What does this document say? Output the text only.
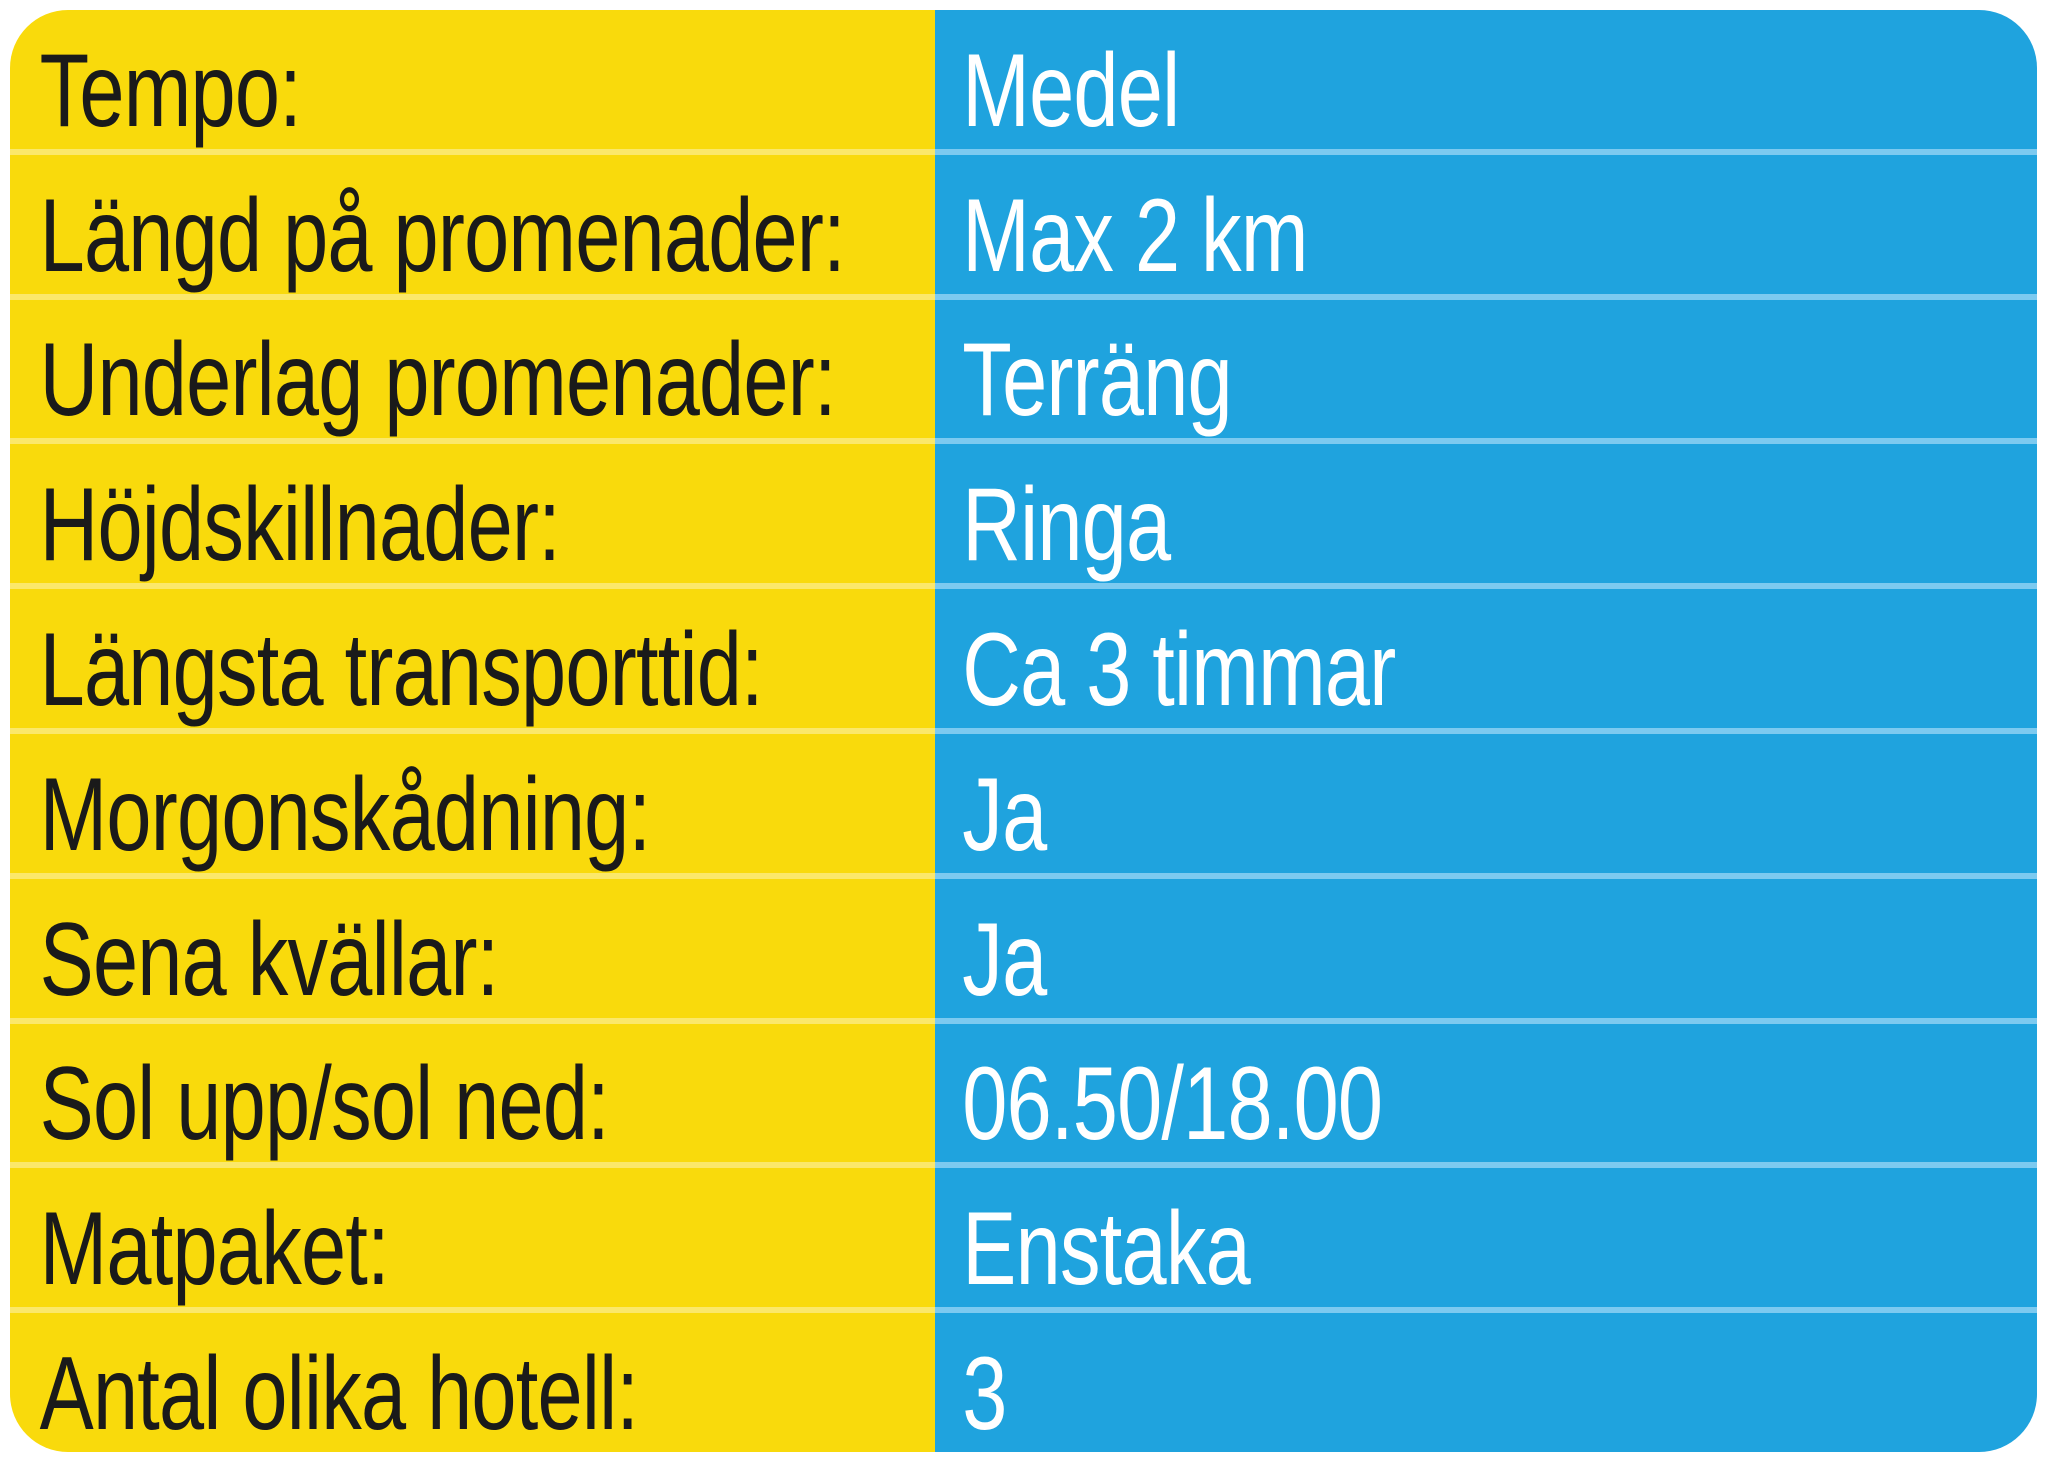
Tempo:	Medel
Längd på promenader: Max 2 km
Underlag promenader: Terräng
Höjdskillnader:	Ringa
Längsta transporttid: Ca 3 timmar
Morgonskådning:	Ja
Sena kvällar:	Ja
Sol upp/sol ned:	06.50/18.00
Matpaket:	Enstaka
Antal olika hotell:	3
